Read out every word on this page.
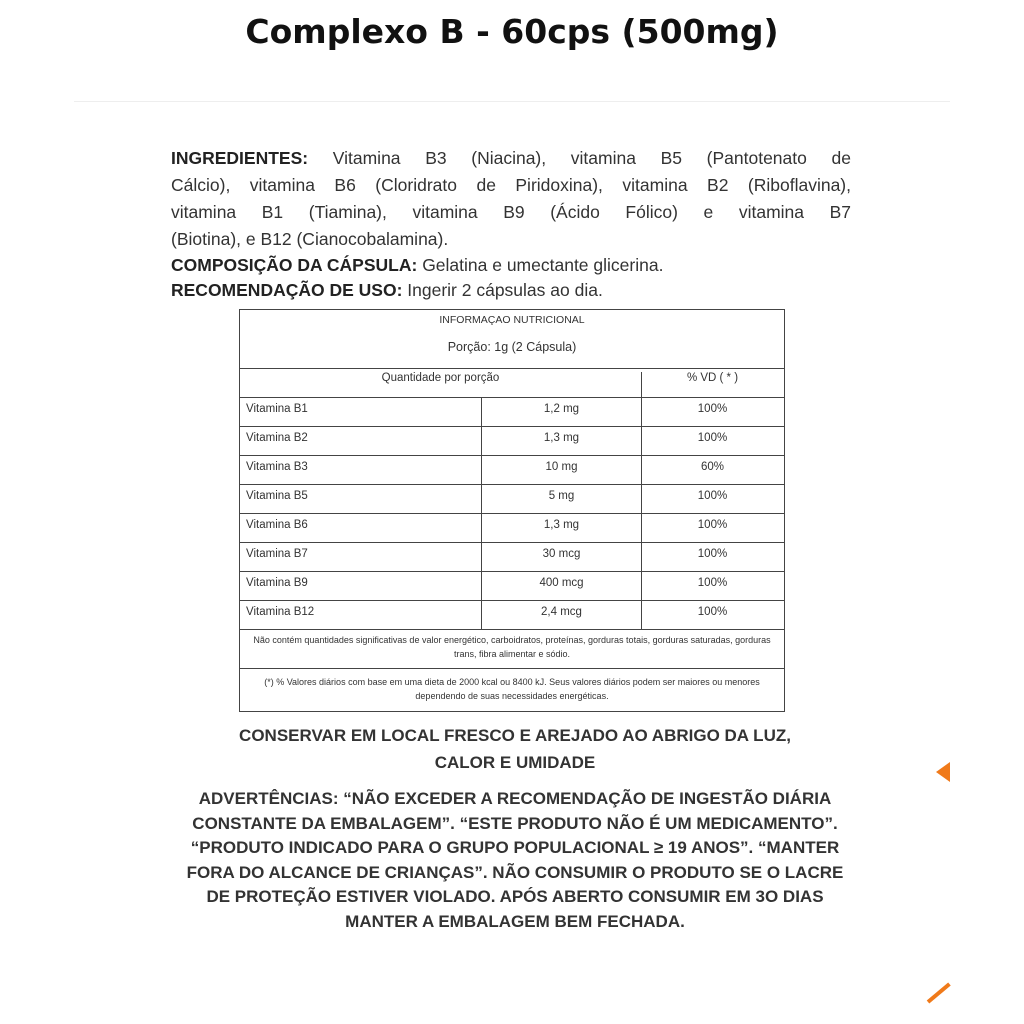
Complexo B - 60cps (500mg)
INGREDIENTES: Vitamina B3 (Niacina), vitamina B5 (Pantotenato de
Cálcio), vitamina B6 (Cloridrato de Piridoxina), vitamina B2 (Riboflavina),
vitamina B1 (Tiamina), vitamina B9 (Ácido Fólico) e vitamina B7
(Biotina), e B12 (Cianocobalamina).
COMPOSIÇÃO DA CÁPSULA: Gelatina e umectante glicerina.
RECOMENDAÇÃO DE USO: Ingerir 2 cápsulas ao dia.
INFORMAÇAO NUTRICIONAL
Porção: 1g (2 Cápsula)
Quantidade por porção	% VD ( * )
Vitamina B1	1,2 mg	100%
Vitamina B2	1,3 mg	100%
Vitamina B3	10 mg	60%
Vitamina B5	5 mg	100%
Vitamina B6	1,3 mg	100%
Vitamina B7	30 mcg	100%
Vitamina B9	400 mcg	100%
Vitamina B12	2,4 mcg	100%
Não contém quantidades significativas de valor energético, carboidratos, proteínas, gorduras totais, gorduras saturadas, gorduras trans, fibra alimentar e sódio.
(*) % Valores diários com base em uma dieta de 2000 kcal ou 8400 kJ. Seus valores diários podem ser maiores ou menores dependendo de suas necessidades energéticas.
CONSERVAR EM LOCAL FRESCO E AREJADO AO ABRIGO DA LUZ,
CALOR E UMIDADE
ADVERTÊNCIAS: “NÃO EXCEDER A RECOMENDAÇÃO DE INGESTÃO DIÁRIA
CONSTANTE DA EMBALAGEM”. “ESTE PRODUTO NÃO É UM MEDICAMENTO”.
“PRODUTO INDICADO PARA O GRUPO POPULACIONAL ≥ 19 ANOS”. “MANTER
FORA DO ALCANCE DE CRIANÇAS”. NÃO CONSUMIR O PRODUTO SE O LACRE
DE PROTEÇÃO ESTIVER VIOLADO. APÓS ABERTO CONSUMIR EM 3O DIAS
MANTER A EMBALAGEM BEM FECHADA.
